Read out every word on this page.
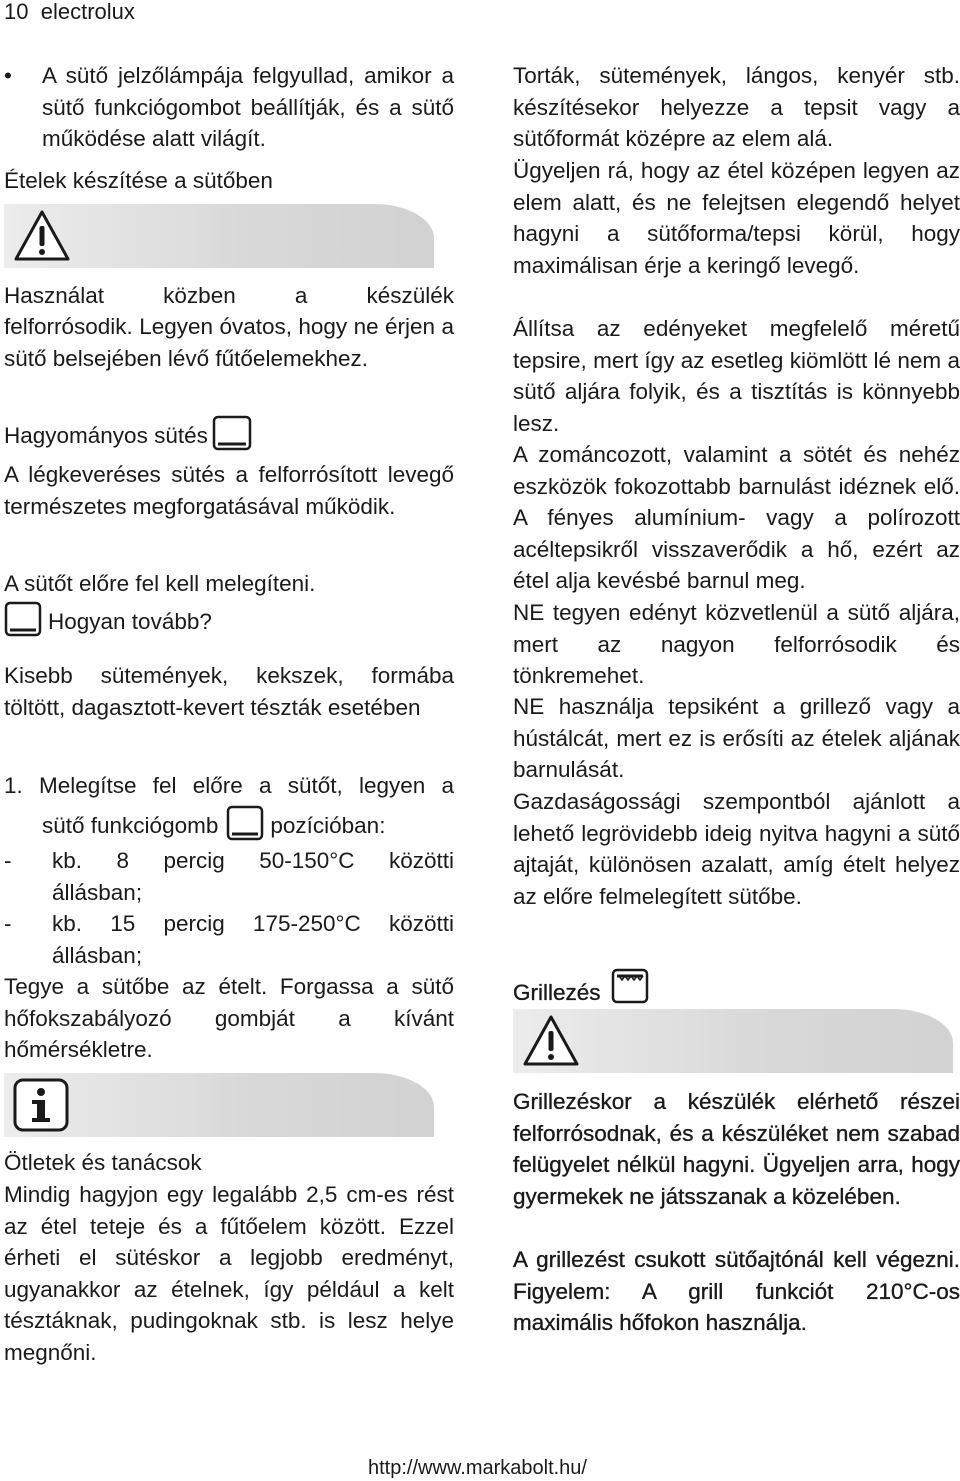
10 electrolux
• A sütő jelzőlámpája felgyullad, amikor a sütő funkciógombot beállítják, és a sütő működése alatt világít.
Ételek készítése a sütőben
Használat közben a készülék
felforrósodik. Legyen óvatos, hogy ne érjen a sütő belsejében lévő fűtőelemekhez.
Hagyományos sütés
A légkeveréses sütés a felforrósított levegő természetes megforgatásával működik.
A sütőt előre fel kell melegíteni.
Hogyan tovább?
Kisebb sütemények, kekszek, formába töltött, dagasztott-kevert tészták esetében
1. Melegítse fel előre a sütőt, legyen a
sütő funkciógomb pozícióban:
- kb. 8 percig 50-150°C közötti
állásban;
- kb. 15 percig 175-250°C közötti
állásban;
Tegye a sütőbe az ételt. Forgassa a sütő hőfokszabályozó gombját a kívánt hőmérsékletre.
Ötletek és tanácsok
Mindig hagyjon egy legalább 2,5 cm-es rést az étel teteje és a fűtőelem között. Ezzel érheti el sütéskor a legjobb eredményt, ugyanakkor az ételnek, így például a kelt tésztáknak, pudingoknak stb. is lesz helye megnőni.
Torták, sütemények, lángos, kenyér stb. készítésekor helyezze a tepsit vagy a sütőformát középre az elem alá.
Ügyeljen rá, hogy az étel középen legyen az elem alatt, és ne felejtsen elegendő helyet hagyni a sütőforma/tepsi körül, hogy maximálisan érje a keringő levegő.
Állítsa az edényeket megfelelő méretű tepsire, mert így az esetleg kiömlött lé nem a sütő aljára folyik, és a tisztítás is könnyebb lesz.
A zománcozott, valamint a sötét és nehéz eszközök fokozottabb barnulást idéznek elő. A fényes alumínium- vagy a polírozott acéltepsikről visszaverődik a hő, ezért az étel alja kevésbé barnul meg.
NE tegyen edényt közvetlenül a sütő aljára, mert az nagyon felforrósodik és tönkremehet.
NE használja tepsiként a grillező vagy a hústálcát, mert ez is erősíti az ételek aljának barnulását.
Gazdaságossági szempontból ajánlott a lehető legrövidebb ideig nyitva hagyni a sütő ajtaját, különösen azalatt, amíg ételt helyez az előre felmelegített sütőbe.
Grillezés
Grillezéskor a készülék elérhető részei felforrósodnak, és a készüléket nem szabad felügyelet nélkül hagyni. Ügyeljen arra, hogy gyermekek ne játsszanak a közelében.
A grillezést csukott sütőajtónál kell végezni. Figyelem: A grill funkciót 210°C-os maximális hőfokon használja.
http://www.markabolt.hu/
